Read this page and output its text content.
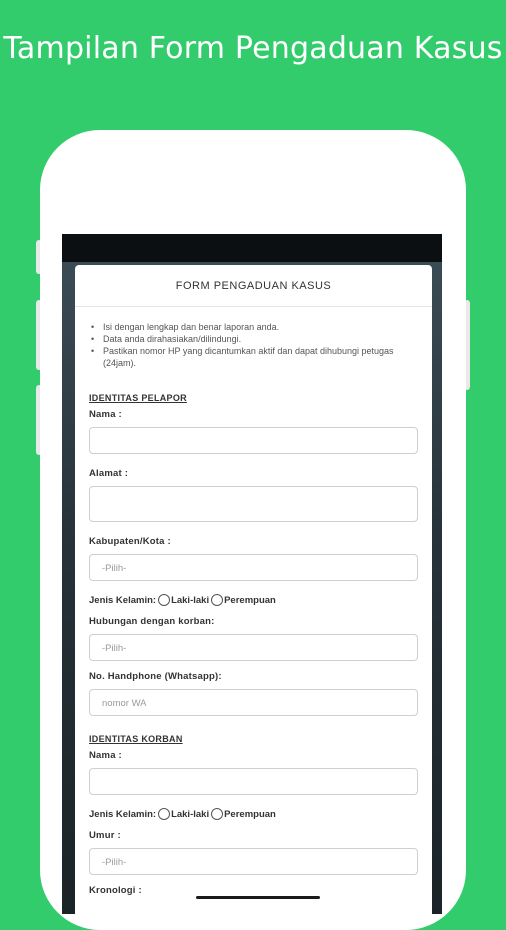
Tampilan Form Pengaduan Kasus
FORM PENGADUAN KASUS
• Isi dengan lengkap dan benar laporan anda.
• Data anda dirahasiakan/dilindungi.
• Pastikan nomor HP yang dicantumkan aktif dan dapat dihubungi petugas (24jam).
IDENTITAS PELAPOR
Nama :
Alamat :
Kabupaten/Kota :
-Pilih-
Jenis Kelamin: Laki-laki Perempuan
Hubungan dengan korban:
-Pilih-
No. Handphone (Whatsapp):
nomor WA
IDENTITAS KORBAN
Nama :
Jenis Kelamin: Laki-laki Perempuan
Umur :
-Pilih-
Kronologi :
